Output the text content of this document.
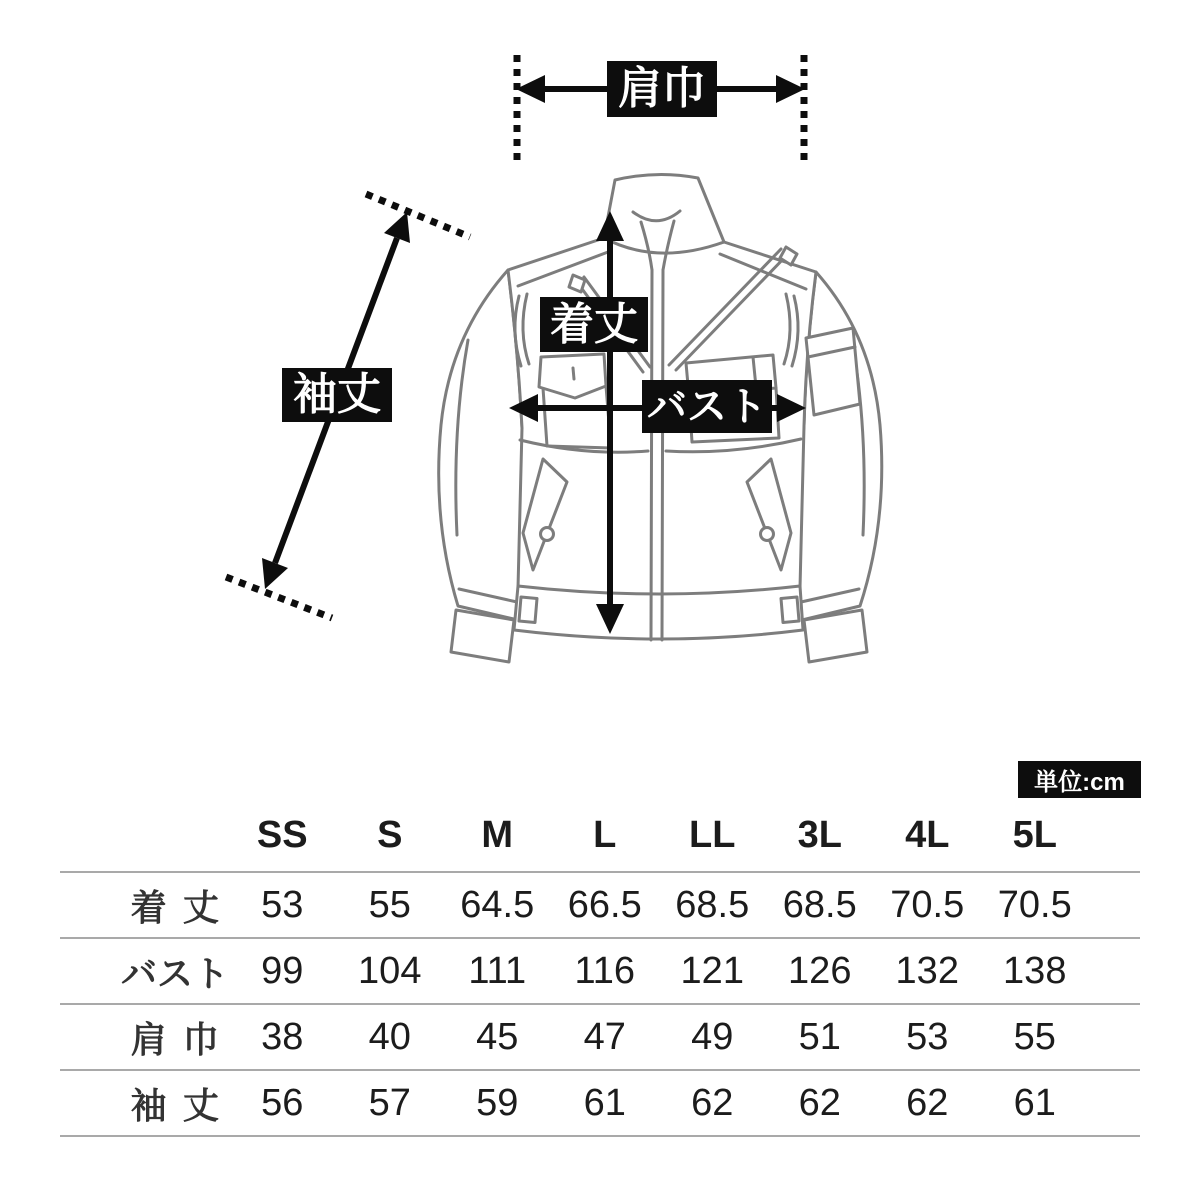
肩巾
着丈
バスト
袖丈
単位:cm
SS	S	M	L	LL	3L	4L	5L
着丈 53	55	64.5 66.5 68.5 68.5 70.5 70.5
バスト 99	104	111	116	121	126	132	138
肩巾 38	40	45	47	49	51	53	55
袖丈 56	57	59	61	62	62	62	61
